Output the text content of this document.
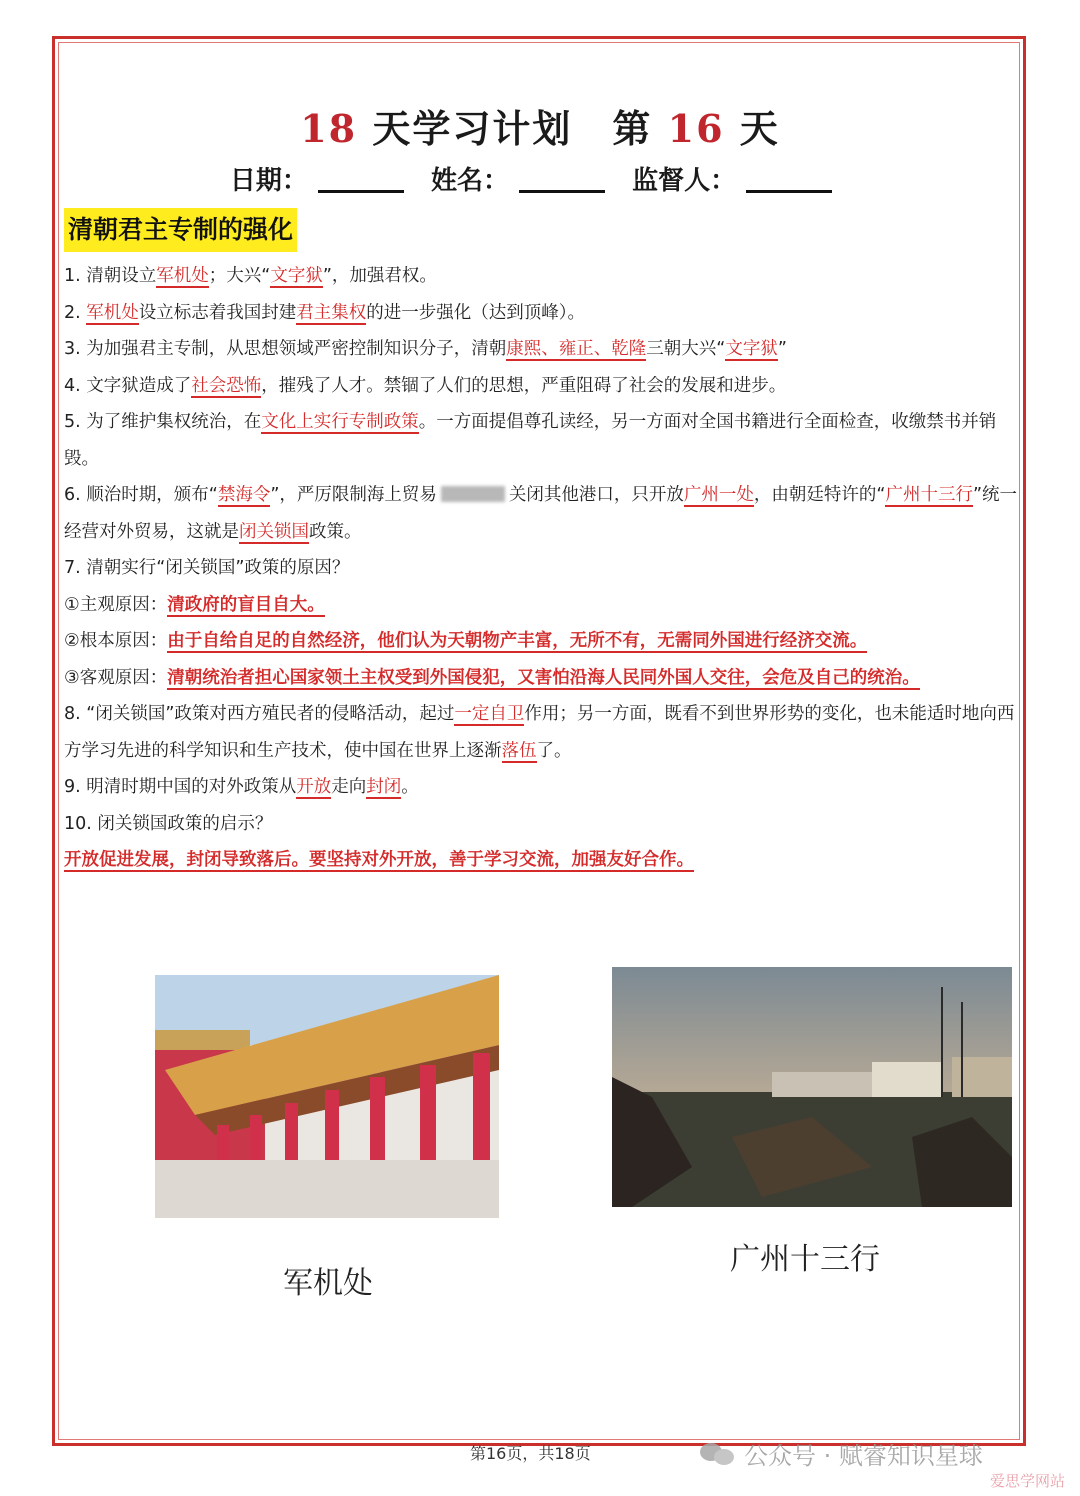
18 天学习计划 第 16 天
日期：	姓名：	监督人：
清朝君主专制的强化

1. 清朝设立军机处；大兴“文字狱”，加强君权。

2. 军机处设立标志着我国封建君主集权的进一步强化（达到顶峰）。

3. 为加强君主专制，从思想领域严密控制知识分子，清朝康熙、雍正、乾隆三朝大兴“文字狱”

4. 文字狱造成了社会恐怖，摧残了人才。禁锢了人们的思想，严重阻碍了社会的发展和进步。

5. 为了维护集权统治，在文化上实行专制政策。一方面提倡尊孔读经，另一方面对全国书籍进行全面检查，收缴禁书并销毁。

6. 顺治时期，颁布“禁海令”，严厉限制海上贸易	关闭其他港口，只开放广州一处，由朝廷特许的“广州十三行”统一经营对外贸易，这就是闭关锁国政策。

7. 清朝实行“闭关锁国”政策的原因？

①主观原因：清政府的盲目自大。

②根本原因：由于自给自足的自然经济，他们认为天朝物产丰富，无所不有，无需同外国进行经济交流。

③客观原因：清朝统治者担心国家领土主权受到外国侵犯，又害怕沿海人民同外国人交往，会危及自己的统治。

8. “闭关锁国”政策对西方殖民者的侵略活动，起过一定自卫作用；另一方面，既看不到世界形势的变化，也未能适时地向西方学习先进的科学知识和生产技术，使中国在世界上逐渐落伍了。

9. 明清时期中国的对外政策从开放走向封闭。

10. 闭关锁国政策的启示？

开放促进发展，封闭导致落后。要坚持对外开放，善于学习交流，加强友好合作。

军机处
广州十三行
第16页，共18页	公众号 · 赋睿知识星球
爱思学网站
